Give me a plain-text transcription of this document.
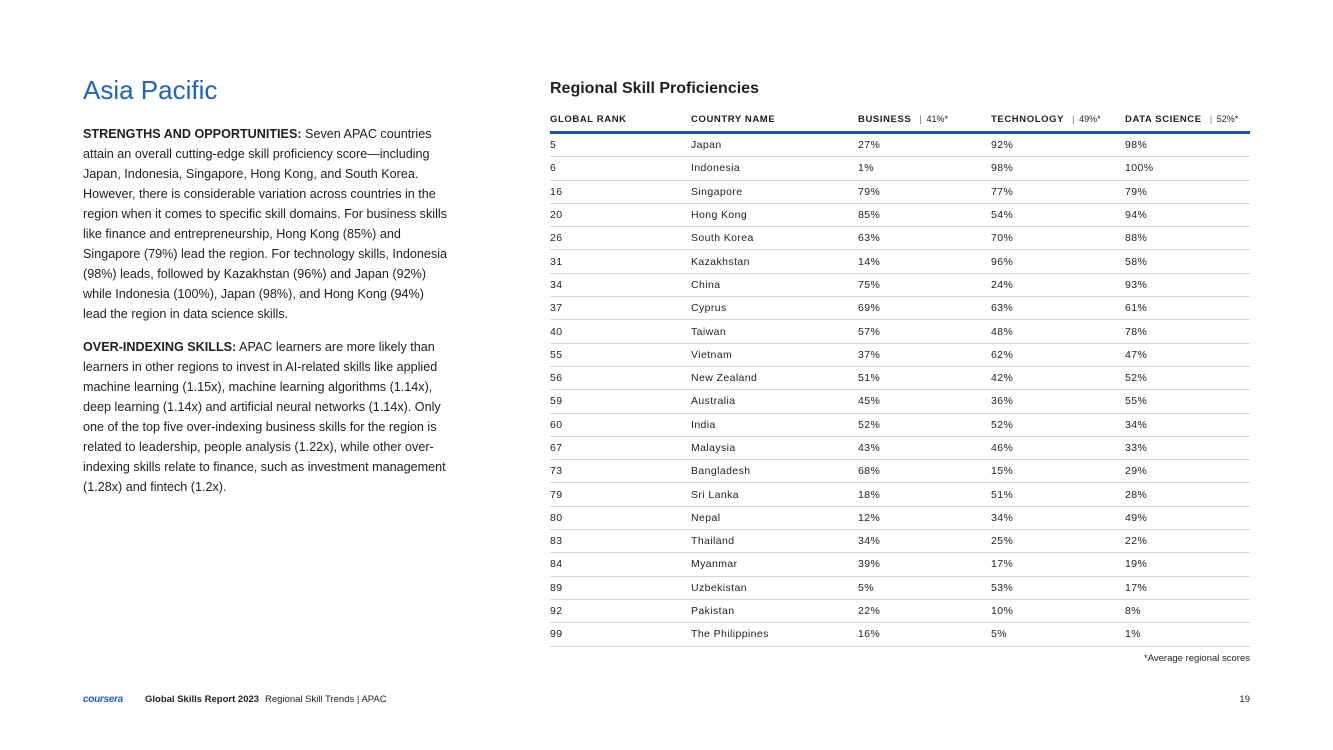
Asia Pacific

STRENGTHS AND OPPORTUNITIES: Seven APAC countries attain an overall cutting-edge skill proficiency score—including Japan, Indonesia, Singapore, Hong Kong, and South Korea. However, there is considerable variation across countries in the region when it comes to specific skill domains. For business skills like finance and entrepreneurship, Hong Kong (85%) and Singapore (79%) lead the region. For technology skills, Indonesia (98%) leads, followed by Kazakhstan (96%) and Japan (92%) while Indonesia (100%), Japan (98%), and Hong Kong (94%) lead the region in data science skills.

OVER-INDEXING SKILLS: APAC learners are more likely than learners in other regions to invest in AI-related skills like applied machine learning (1.15x), machine learning algorithms (1.14x), deep learning (1.14x) and artificial neural networks (1.14x). Only one of the top five over-indexing business skills for the region is related to leadership, people analysis (1.22x), while other over-indexing skills relate to finance, such as investment management (1.28x) and fintech (1.2x).

Regional Skill Proficiencies
GLOBAL RANK	COUNTRY NAME	BUSINESS | 41%*	TECHNOLOGY | 49%*	DATA SCIENCE | 52%*
5	Japan	27%	92%	98%
6	Indonesia	1%	98%	100%
16	Singapore	79%	77%	79%
20	Hong Kong	85%	54%	94%
26	South Korea	63%	70%	88%
31	Kazakhstan	14%	96%	58%
34	China	75%	24%	93%
37	Cyprus	69%	63%	61%
40	Taiwan	57%	48%	78%
55	Vietnam	37%	62%	47%
56	New Zealand	51%	42%	52%
59	Australia	45%	36%	55%
60	India	52%	52%	34%
67	Malaysia	43%	46%	33%
73	Bangladesh	68%	15%	29%
79	Sri Lanka	18%	51%	28%
80	Nepal	12%	34%	49%
83	Thailand	34%	25%	22%
84	Myanmar	39%	17%	19%
89	Uzbekistan	5%	53%	17%
92	Pakistan	22%	10%	8%
99	The Philippines	16%	5%	1%
*Average regional scores
coursera Global Skills Report 2023 Regional Skill Trends | APAC	19
